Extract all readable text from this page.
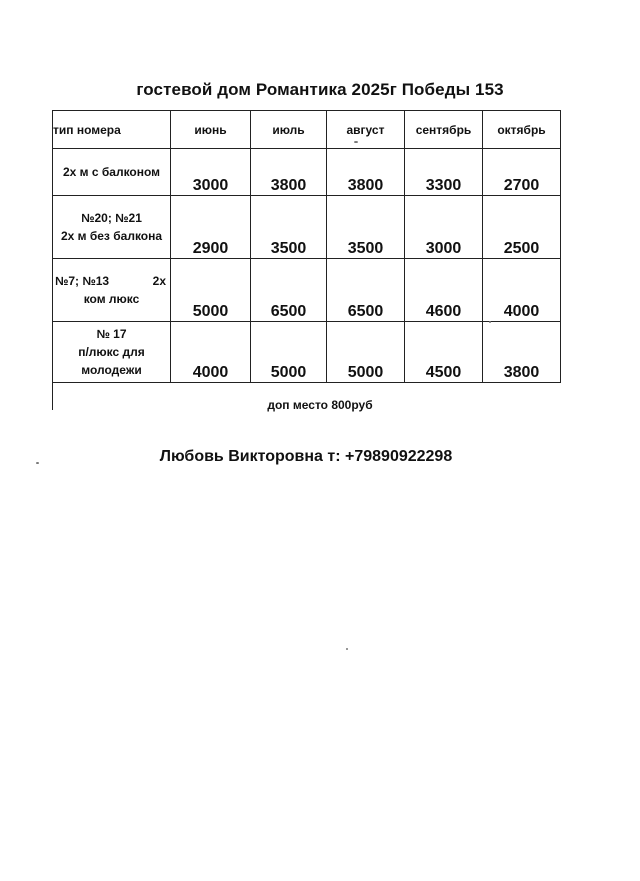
гостевой дом Романтика 2025г Победы 153
тип номера	июнь	июль	август	сентябрь	октябрь

2х м с балконом	3000	3800	3800	3300	2700

№20; №21
2х м без балкона	2900	3500	3500	3000	2500

№7; №13 2х
ком люкс	5000	6500	6500	4600	4000

№ 17
п/люкс для
молодежи	4000	5000	5000	4500	3800
доп место 800руб
Любовь Викторовна т: +79890922298
